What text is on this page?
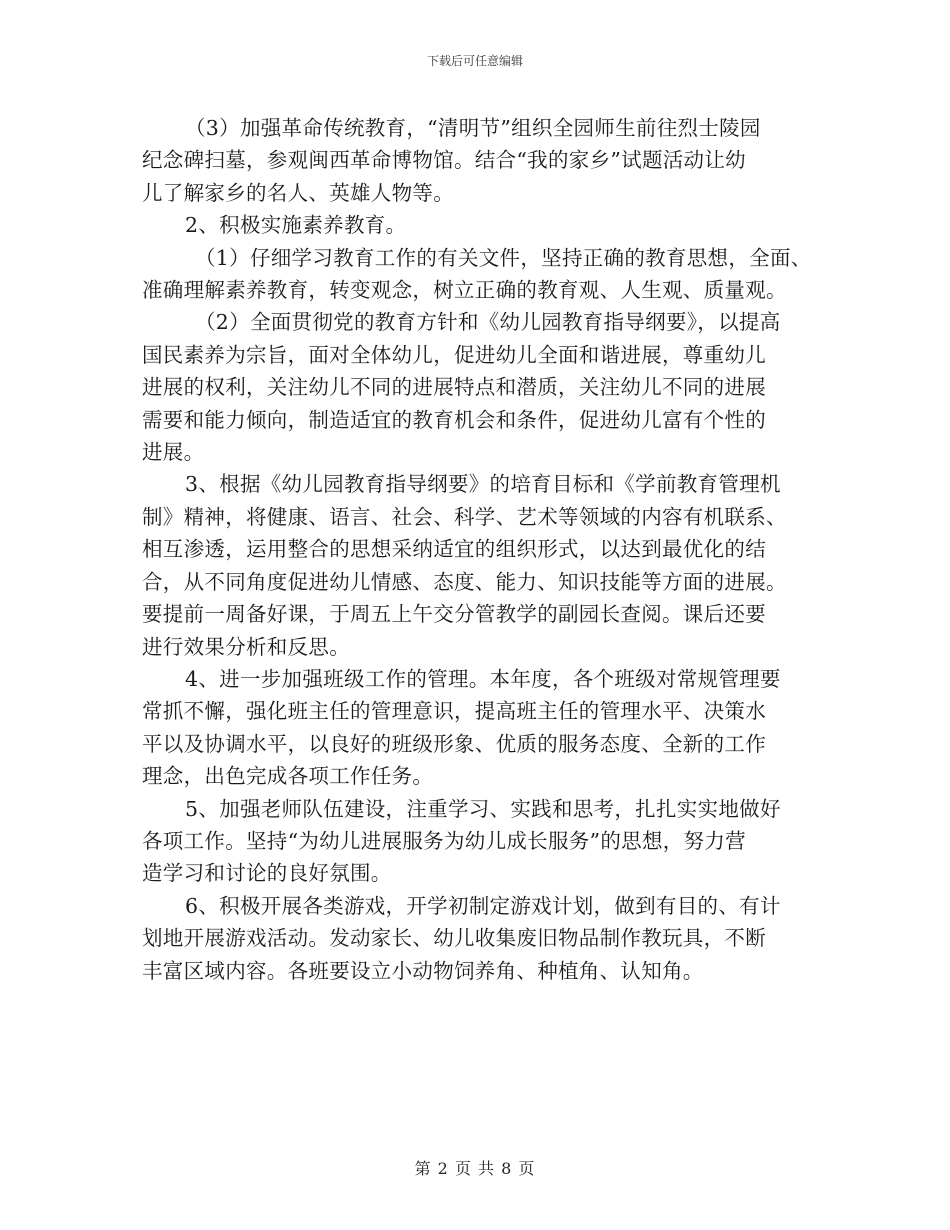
下载后可任意编辑
（3）加强革命传统教育，“清明节”组织全园师生前往烈士陵园
纪念碑扫墓，参观闽西革命博物馆。结合“我的家乡”试题活动让幼
儿了解家乡的名人、英雄人物等。
2、积极实施素养教育。
（1）仔细学习教育工作的有关文件，坚持正确的教育思想，全面、
准确理解素养教育，转变观念，树立正确的教育观、人生观、质量观。
（2）全面贯彻党的教育方针和《幼儿园教育指导纲要》，以提高
国民素养为宗旨，面对全体幼儿，促进幼儿全面和谐进展，尊重幼儿
进展的权利，关注幼儿不同的进展特点和潜质，关注幼儿不同的进展
需要和能力倾向，制造适宜的教育机会和条件，促进幼儿富有个性的
进展。
3、根据《幼儿园教育指导纲要》的培育目标和《学前教育管理机
制》精神，将健康、语言、社会、科学、艺术等领域的内容有机联系、
相互渗透，运用整合的思想采纳适宜的组织形式，以达到最优化的结
合，从不同角度促进幼儿情感、态度、能力、知识技能等方面的进展。
要提前一周备好课，于周五上午交分管教学的副园长查阅。课后还要
进行效果分析和反思。
4、进一步加强班级工作的管理。本年度，各个班级对常规管理要
常抓不懈，强化班主任的管理意识，提高班主任的管理水平、决策水
平以及协调水平，以良好的班级形象、优质的服务态度、全新的工作
理念，出色完成各项工作任务。
5、加强老师队伍建设，注重学习、实践和思考，扎扎实实地做好
各项工作。坚持“为幼儿进展服务为幼儿成长服务”的思想，努力营
造学习和讨论的良好氛围。
6、积极开展各类游戏，开学初制定游戏计划，做到有目的、有计
划地开展游戏活动。发动家长、幼儿收集废旧物品制作教玩具，不断
丰富区域内容。各班要设立小动物饲养角、种植角、认知角。
第 2 页 共 8 页
